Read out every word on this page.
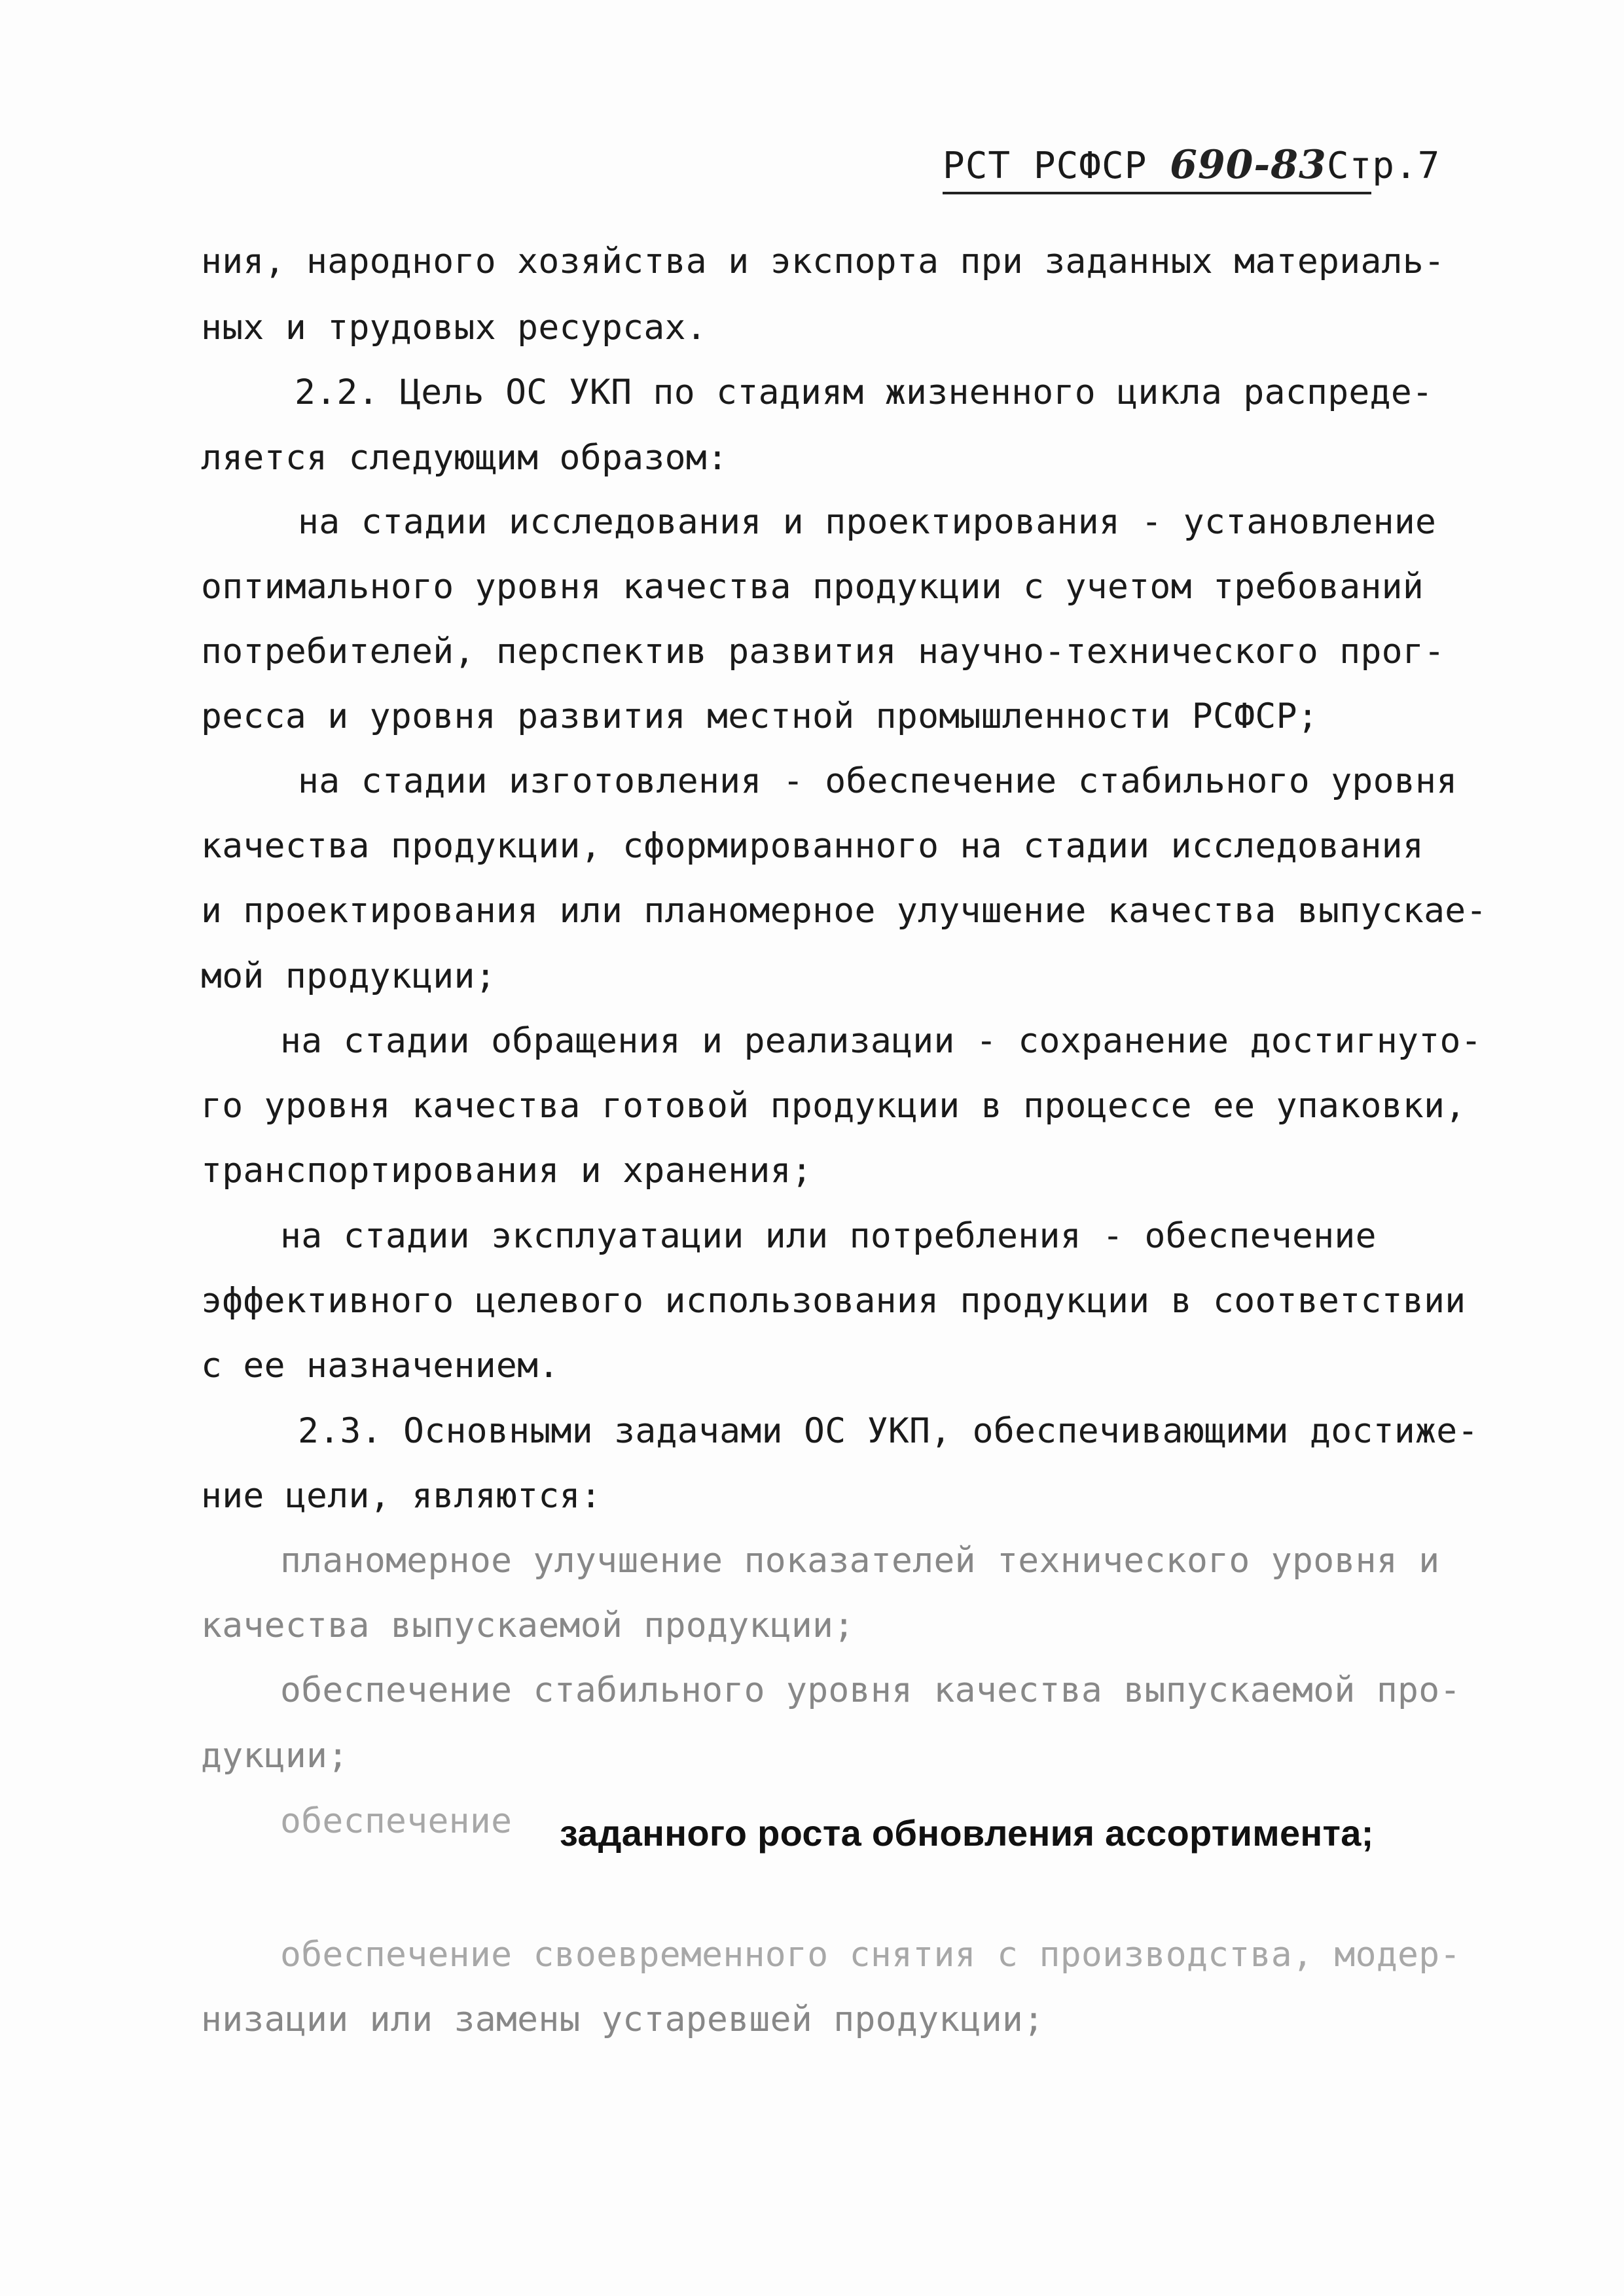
РСТ РСФСР 690-83Стр.7
ния, народного хозяйства и экспорта при заданных материаль-
ных и трудовых ресурсах.
2.2. Цель ОС УКП по стадиям жизненного цикла распреде-
ляется следующим образом:
на стадии исследования и проектирования - установление
оптимального уровня качества продукции с учетом требований
потребителей, перспектив развития научно-технического прог-
ресса и уровня развития местной промышленности РСФСР;
на стадии изготовления - обеспечение стабильного уровня
качества продукции, сформированного на стадии исследования
и проектирования или планомерное улучшение качества выпускае-
мой продукции;
на стадии обращения и реализации - сохранение достигнуто-
го уровня качества готовой продукции в процессе ее упаковки,
транспортирования и хранения;
на стадии эксплуатации или потребления - обеспечение
эффективного целевого использования продукции в соответствии
с ее назначением.
2.3. Основными задачами ОС УКП, обеспечивающими достиже-
ние цели, являются:
планомерное улучшение показателей технического уровня и
качества выпускаемой продукции;
обеспечение стабильного уровня качества выпускаемой про-
дукции;
обеспечение заданного роста обновления ассортимента;
обеспечение своевременного снятия с производства, модер-
низации или замены устаревшей продукции;
